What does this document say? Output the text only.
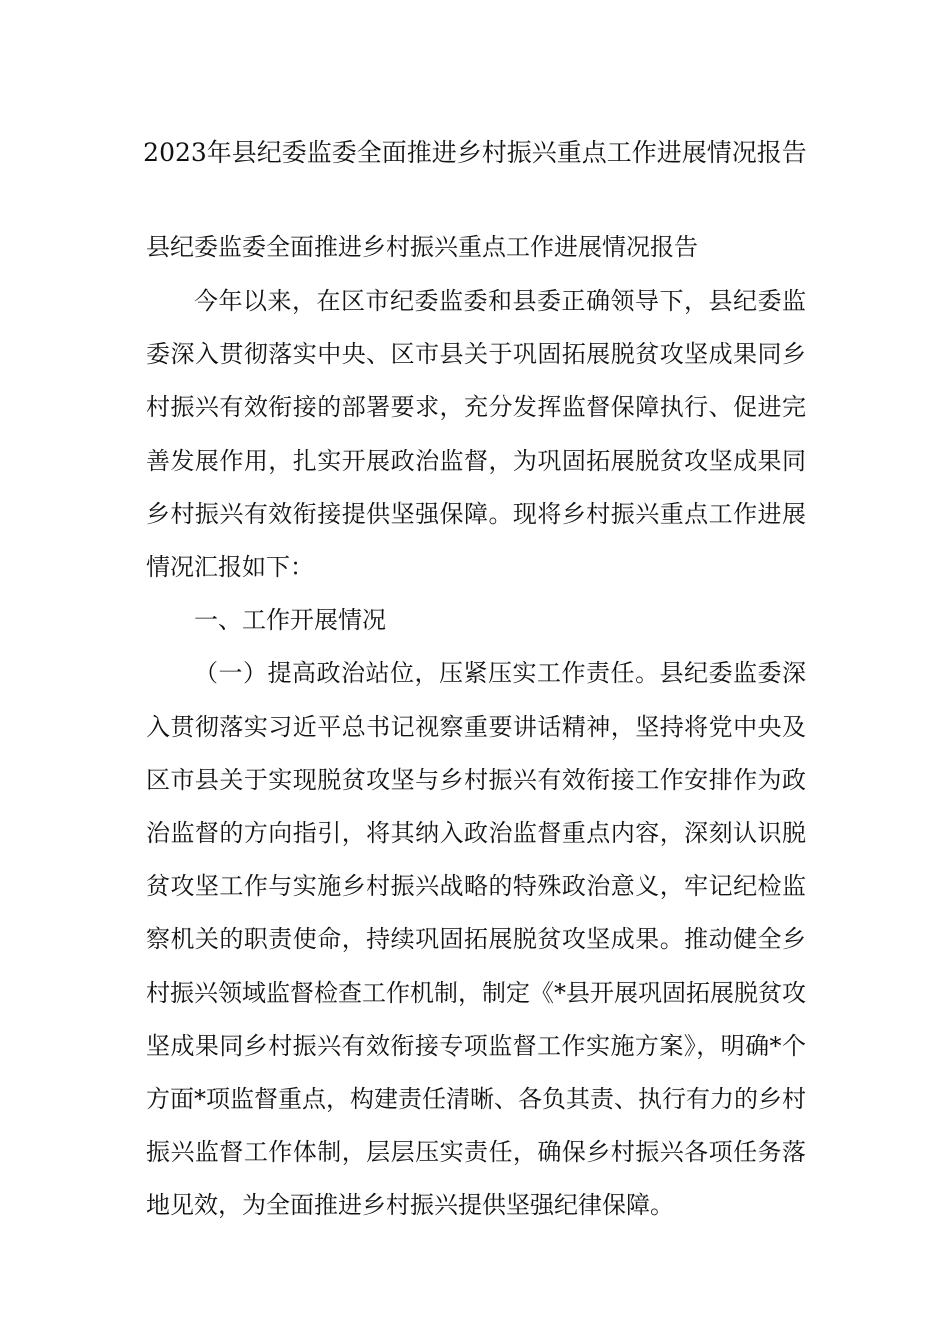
2023年县纪委监委全面推进乡村振兴重点工作进展情况报告
县纪委监委全面推进乡村振兴重点工作进展情况报告

今年以来，在区市纪委监委和县委正确领导下，县纪委监委深入贯彻落实中央、区市县关于巩固拓展脱贫攻坚成果同乡村振兴有效衔接的部署要求，充分发挥监督保障执行、促进完善发展作用，扎实开展政治监督，为巩固拓展脱贫攻坚成果同乡村振兴有效衔接提供坚强保障。现将乡村振兴重点工作进展情况汇报如下：

一、工作开展情况

（一）提高政治站位，压紧压实工作责任。县纪委监委深入贯彻落实习近平总书记视察重要讲话精神，坚持将党中央及区市县关于实现脱贫攻坚与乡村振兴有效衔接工作安排作为政治监督的方向指引，将其纳入政治监督重点内容，深刻认识脱贫攻坚工作与实施乡村振兴战略的特殊政治意义，牢记纪检监察机关的职责使命，持续巩固拓展脱贫攻坚成果。推动健全乡村振兴领域监督检查工作机制，制定《*县开展巩固拓展脱贫攻坚成果同乡村振兴有效衔接专项监督工作实施方案》，明确*个方面*项监督重点，构建责任清晰、各负其责、执行有力的乡村振兴监督工作体制，层层压实责任，确保乡村振兴各项任务落地见效，为全面推进乡村振兴提供坚强纪律保障。
